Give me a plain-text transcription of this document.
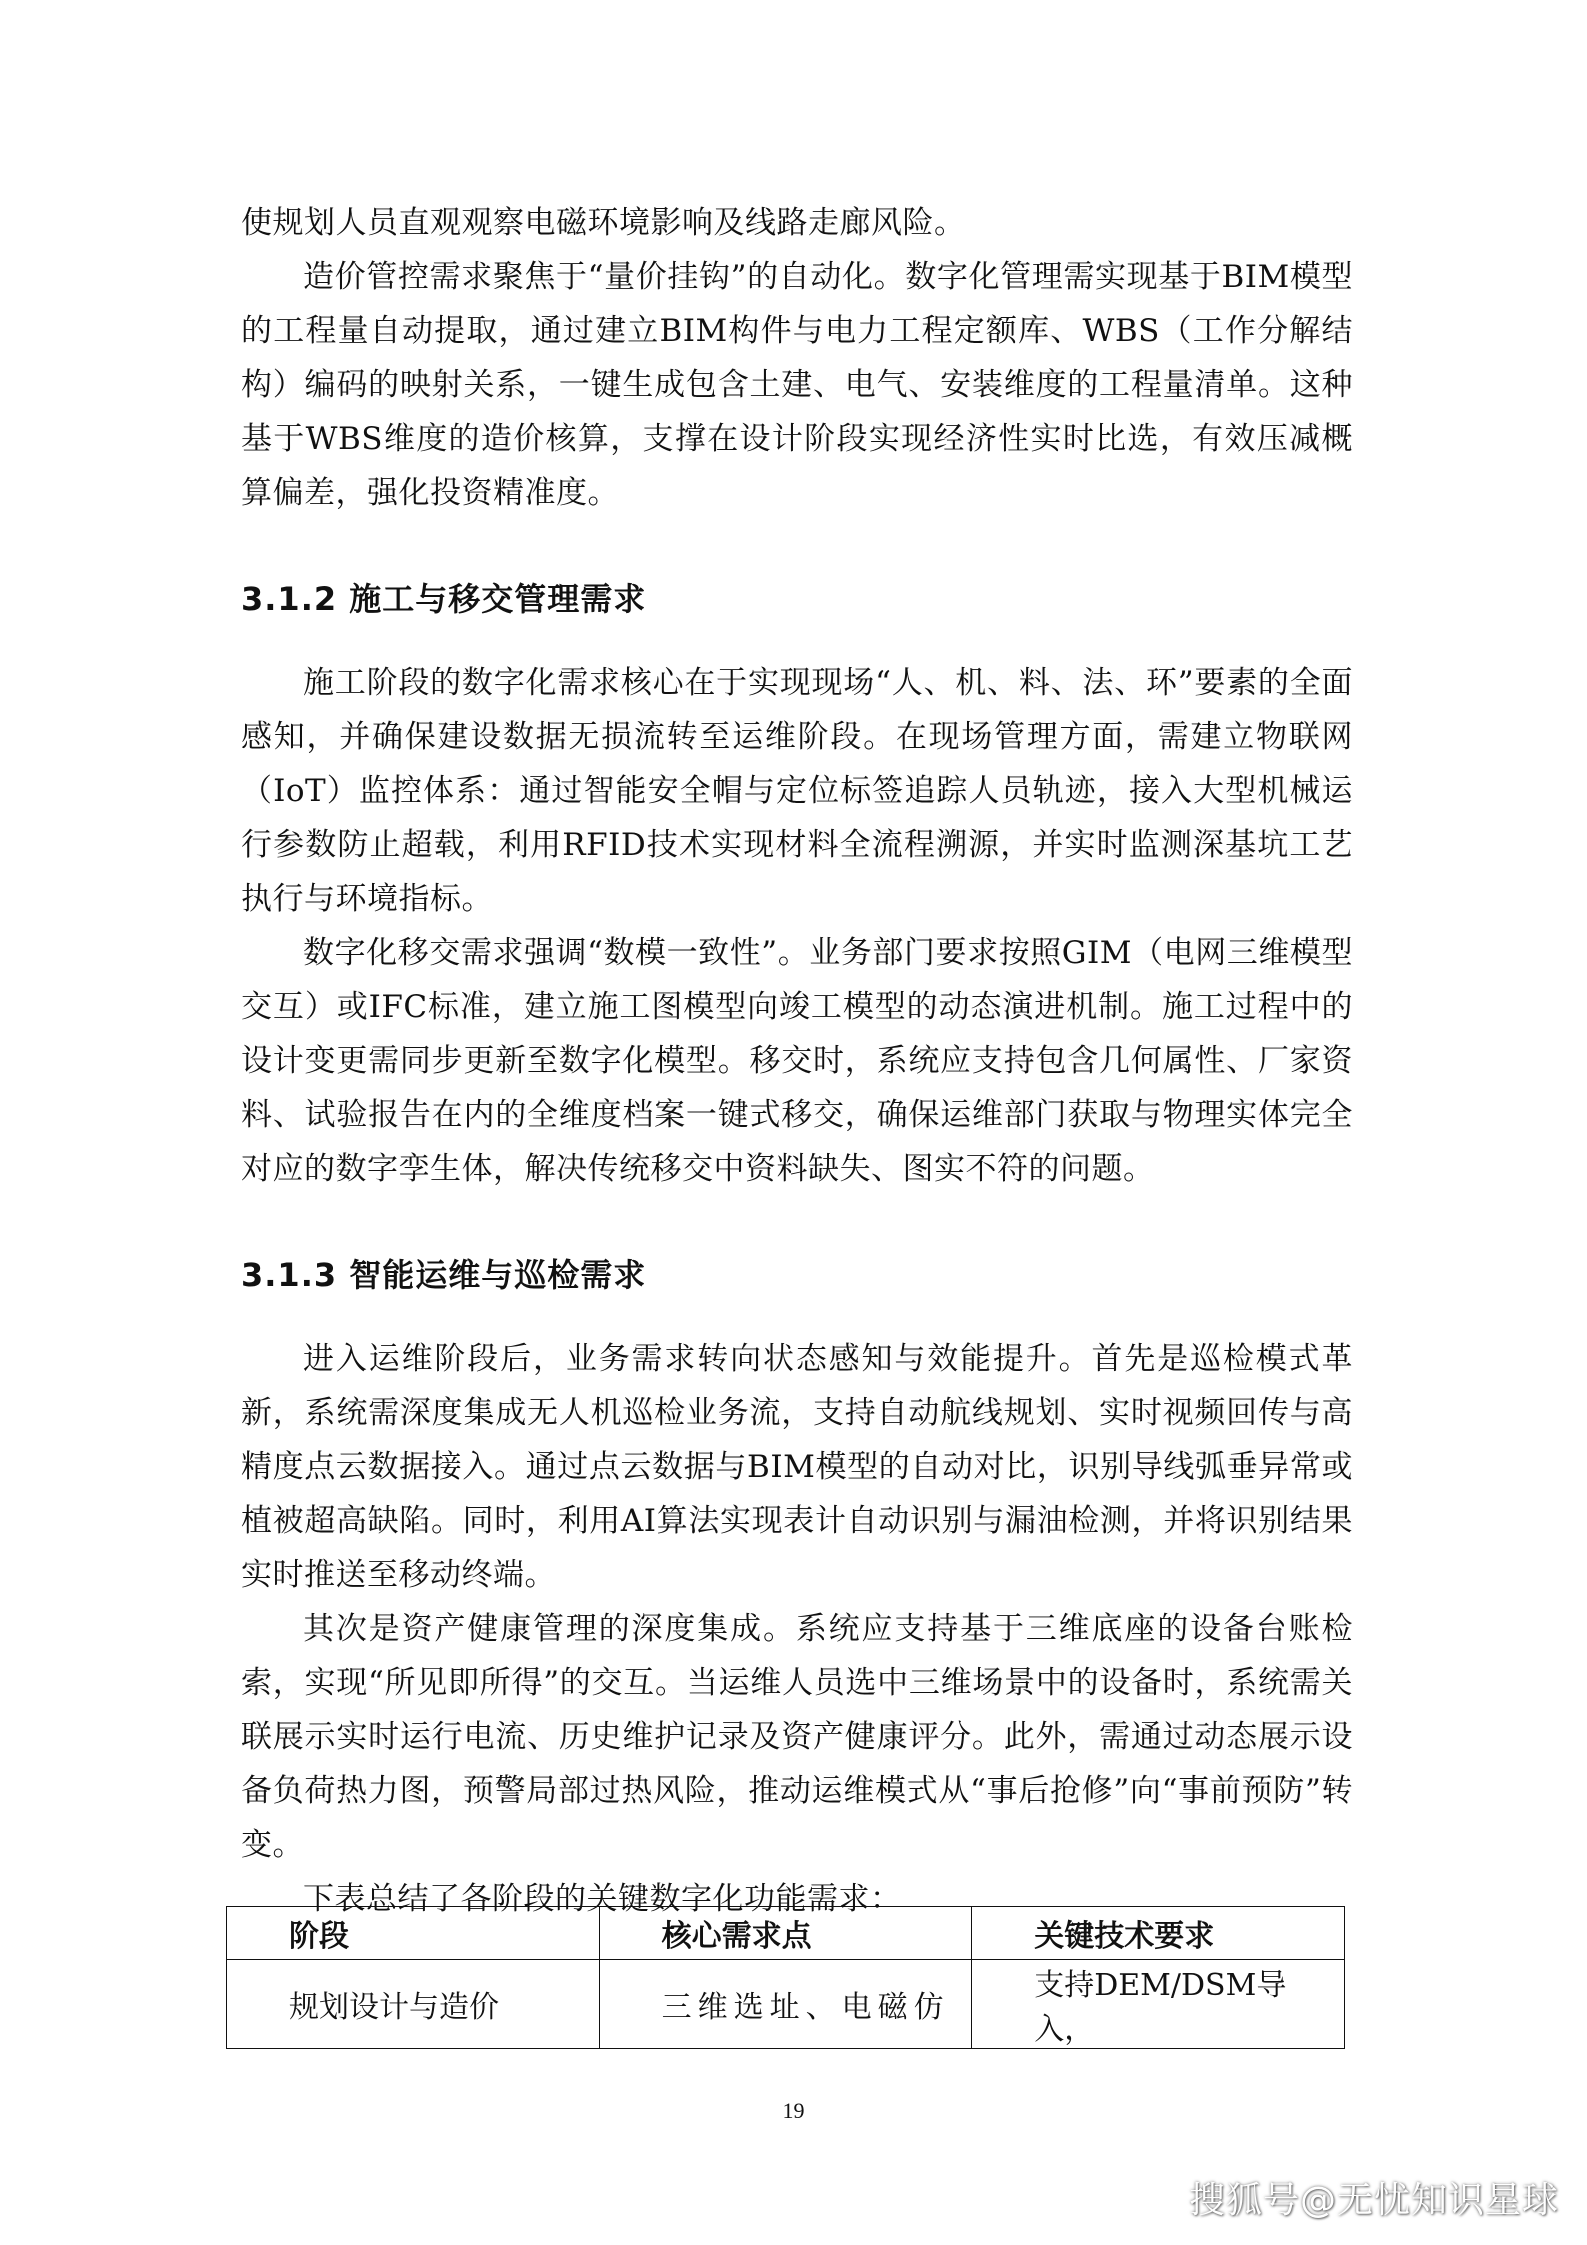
使规划人员直观观察电磁环境影响及线路走廊风险。

造价管控需求聚焦于“量价挂钩”的自动化。数字化管理需实现基于BIM模型的工程量自动提取，通过建立BIM构件与电力工程定额库、WBS（工作分解结构）编码的映射关系，一键生成包含土建、电气、安装维度的工程量清单。这种基于WBS维度的造价核算，支撑在设计阶段实现经济性实时比选，有效压减概算偏差，强化投资精准度。

3.1.2 施工与移交管理需求

施工阶段的数字化需求核心在于实现现场“人、机、料、法、环”要素的全面感知，并确保建设数据无损流转至运维阶段。在现场管理方面，需建立物联网（IoT）监控体系：通过智能安全帽与定位标签追踪人员轨迹，接入大型机械运行参数防止超载，利用RFID技术实现材料全流程溯源，并实时监测深基坑工艺执行与环境指标。

数字化移交需求强调“数模一致性”。业务部门要求按照GIM（电网三维模型交互）或IFC标准，建立施工图模型向竣工模型的动态演进机制。施工过程中的设计变更需同步更新至数字化模型。移交时，系统应支持包含几何属性、厂家资料、试验报告在内的全维度档案一键式移交，确保运维部门获取与物理实体完全对应的数字孪生体，解决传统移交中资料缺失、图实不符的问题。

3.1.3 智能运维与巡检需求

进入运维阶段后，业务需求转向状态感知与效能提升。首先是巡检模式革新，系统需深度集成无人机巡检业务流，支持自动航线规划、实时视频回传与高精度点云数据接入。通过点云数据与BIM模型的自动对比，识别导线弧垂异常或植被超高缺陷。同时，利用AI算法实现表计自动识别与漏油检测，并将识别结果实时推送至移动终端。

其次是资产健康管理的深度集成。系统应支持基于三维底座的设备台账检索，实现“所见即所得”的交互。当运维人员选中三维场景中的设备时，系统需关联展示实时运行电流、历史维护记录及资产健康评分。此外，需通过动态展示设备负荷热力图，预警局部过热风险，推动运维模式从“事后抢修”向“事前预防”转变。

下表总结了各阶段的关键数字化功能需求：

阶段	核心需求点	关键技术要求
规划设计与造价	三维选址、电磁仿	支持DEM/DSM导入，
19
搜狐号@无忧知识星球
